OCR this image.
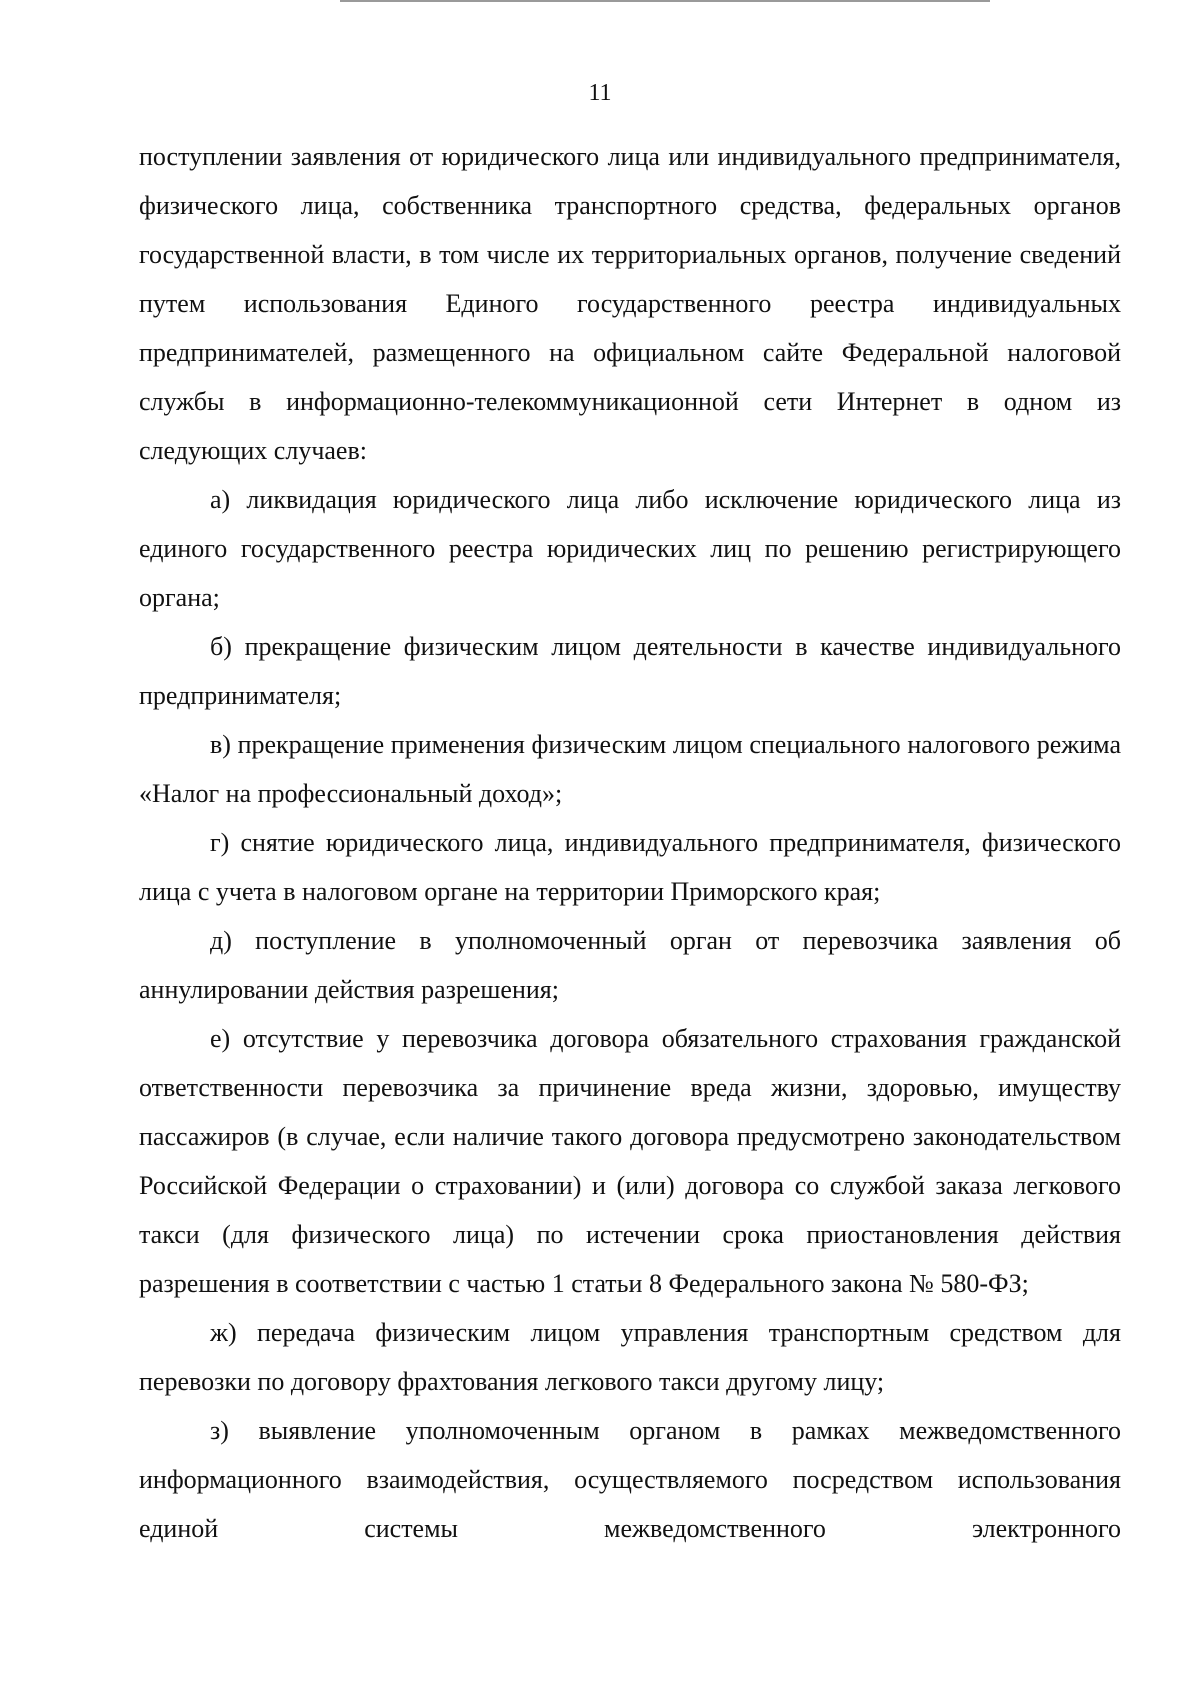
11

поступлении заявления от юридического лица или индивидуального предпринимателя, физического лица, собственника транспортного средства, федеральных органов государственной власти, в том числе их территориальных органов, получение сведений путем использования Единого государственного реестра индивидуальных предпринимателей, размещенного на официальном сайте Федеральной налоговой службы в информационно-телекоммуникационной сети Интернет в одном из следующих случаев:

а) ликвидация юридического лица либо исключение юридического лица из единого государственного реестра юридических лиц по решению регистрирующего органа;

б) прекращение физическим лицом деятельности в качестве индивидуального предпринимателя;

в) прекращение применения физическим лицом специального налогового режима «Налог на профессиональный доход»;

г) снятие юридического лица, индивидуального предпринимателя, физического лица с учета в налоговом органе на территории Приморского края;

д) поступление в уполномоченный орган от перевозчика заявления об аннулировании действия разрешения;

е) отсутствие у перевозчика договора обязательного страхования гражданской ответственности перевозчика за причинение вреда жизни, здоровью, имуществу пассажиров (в случае, если наличие такого договора предусмотрено законодательством Российской Федерации о страховании) и (или) договора со службой заказа легкового такси (для физического лица) по истечении срока приостановления действия разрешения в соответствии с частью 1 статьи 8 Федерального закона № 580-ФЗ;

ж) передача физическим лицом управления транспортным средством для перевозки по договору фрахтования легкового такси другому лицу;

з) выявление уполномоченным органом в рамках межведомственного информационного взаимодействия, осуществляемого посредством использования единой системы межведомственного электронного
